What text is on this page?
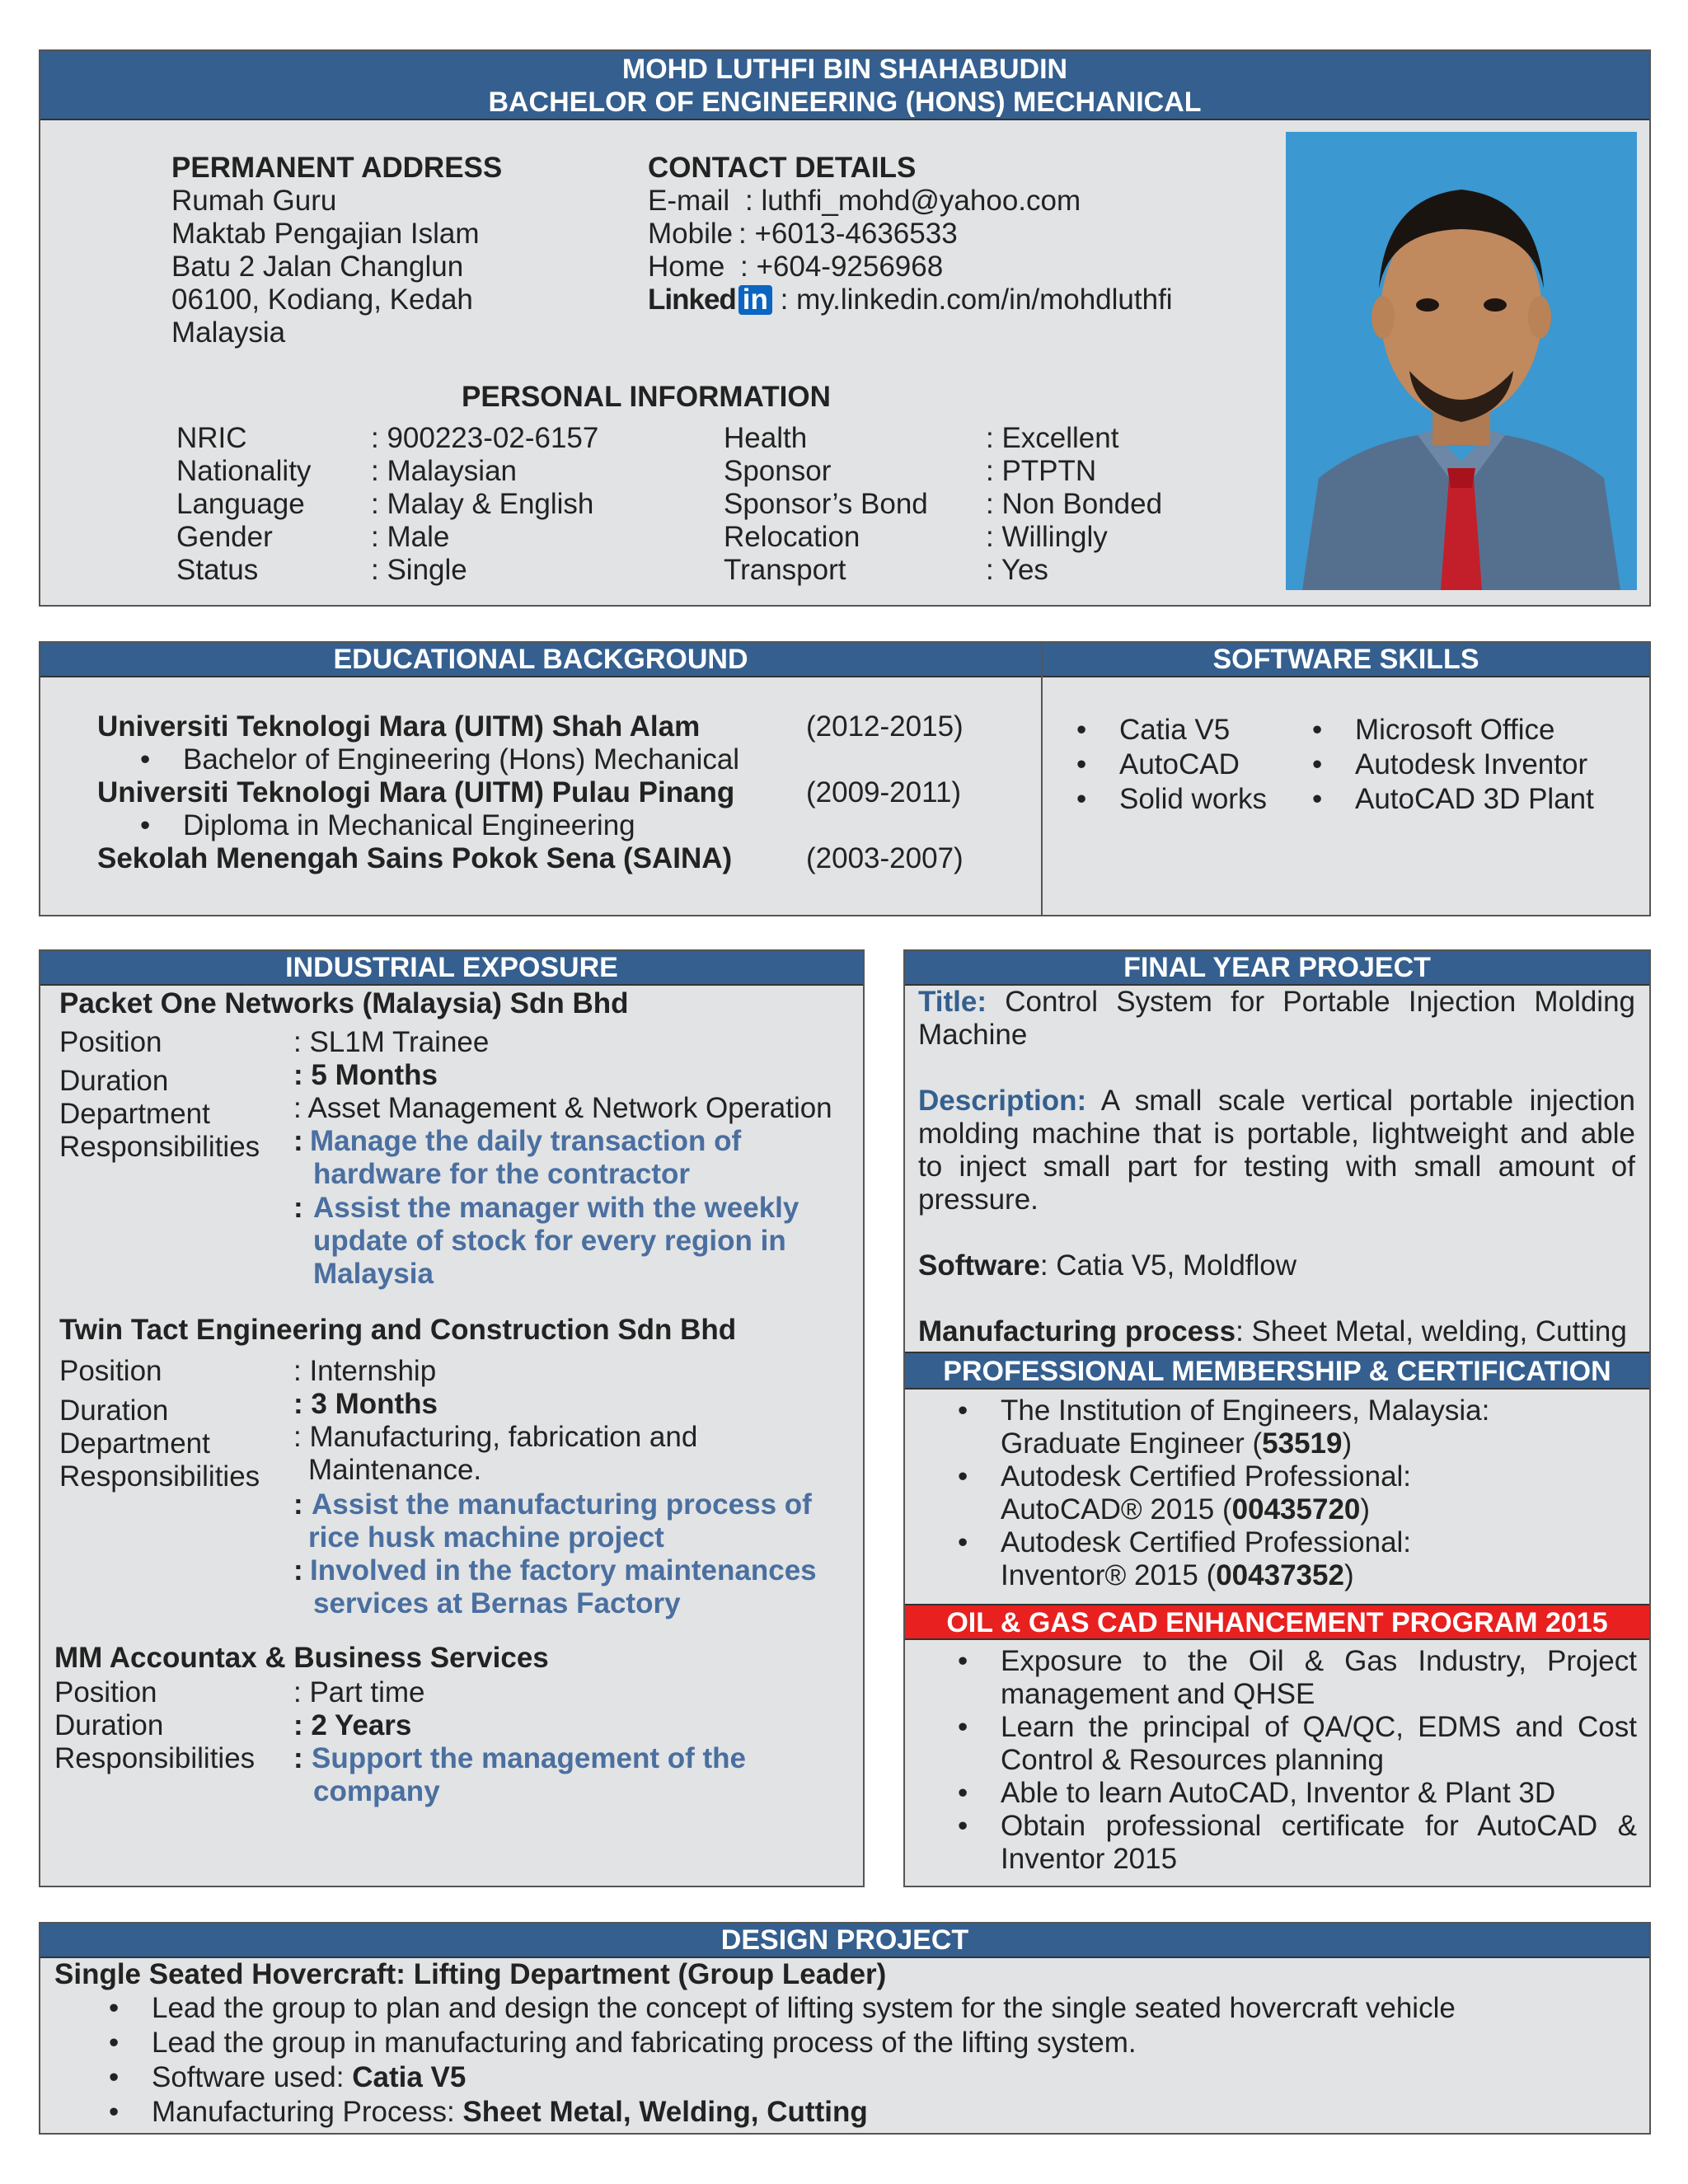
MOHD LUTHFI BIN SHAHABUDIN
BACHELOR OF ENGINEERING (HONS) MECHANICAL
PERMANENT ADDRESS
Rumah Guru
Maktab Pengajian Islam
Batu 2 Jalan Changlun
06100, Kodiang, Kedah
Malaysia
CONTACT DETAILS
E-mail : luthfi_mohd@yahoo.com
Mobile : +6013-4636533
Home : +604-9256968
Linked in : my.linkedin.com/in/mohdluthfi
PERSONAL INFORMATION
NRIC	: 900223-02-6157
Nationality : Malaysian
Language : Malay & English
Gender	: Male
Status	: Single
Health	: Excellent
Sponsor	: PTPTN
Sponsor’s Bond : Non Bonded
Relocation	: Willingly
Transport	: Yes
EDUCATIONAL BACKGROUND	SOFTWARE SKILLS
Universiti Teknologi Mara (UITM) Shah Alam	(2012-2015)
• Bachelor of Engineering (Hons) Mechanical
Universiti Teknologi Mara (UITM) Pulau Pinang (2009-2011)
• Diploma in Mechanical Engineering
Sekolah Menengah Sains Pokok Sena (SAINA)	(2003-2007)
• Catia V5
• AutoCAD
• Solid works
• Microsoft Office
• Autodesk Inventor
• AutoCAD 3D Plant
INDUSTRIAL EXPOSURE
Packet One Networks (Malaysia) Sdn Bhd
Position	: SL1M Trainee
Duration	: 5 Months
Department	: Asset Management & Network Operation
Responsibilities : Manage the daily transaction of
hardware for the contractor
: Assist the manager with the weekly
update of stock for every region in
Malaysia
Twin Tact Engineering and Construction Sdn Bhd
Position	: Internship
Duration	: 3 Months
Department	: Manufacturing, fabrication and
Maintenance.
Responsibilities
: Assist the manufacturing process of
rice husk machine project
: Involved in the factory maintenances
services at Bernas Factory
MM Accountax & Business Services
Position	: Part time
Duration	: 2 Years
Responsibilities : Support the management of the
company
FINAL YEAR PROJECT
Title: Control System for Portable Injection Molding Machine
Description: A small scale vertical portable injection molding machine that is portable, lightweight and able to inject small part for testing with small amount of pressure.
Software: Catia V5, Moldflow
Manufacturing process: Sheet Metal, welding, Cutting
PROFESSIONAL MEMBERSHIP & CERTIFICATION
• The Institution of Engineers, Malaysia:
Graduate Engineer (53519)
• Autodesk Certified Professional:
AutoCAD® 2015 (00435720)
• Autodesk Certified Professional:
Inventor® 2015 (00437352)
OIL & GAS CAD ENHANCEMENT PROGRAM 2015
• Exposure to the Oil & Gas Industry, Project management and QHSE
• Learn the principal of QA/QC, EDMS and Cost Control & Resources planning
• Able to learn AutoCAD, Inventor & Plant 3D
• Obtain professional certificate for AutoCAD & Inventor 2015
DESIGN PROJECT
Single Seated Hovercraft: Lifting Department (Group Leader)
• Lead the group to plan and design the concept of lifting system for the single seated hovercraft vehicle
• Lead the group in manufacturing and fabricating process of the lifting system.
• Software used: Catia V5
• Manufacturing Process: Sheet Metal, Welding, Cutting
